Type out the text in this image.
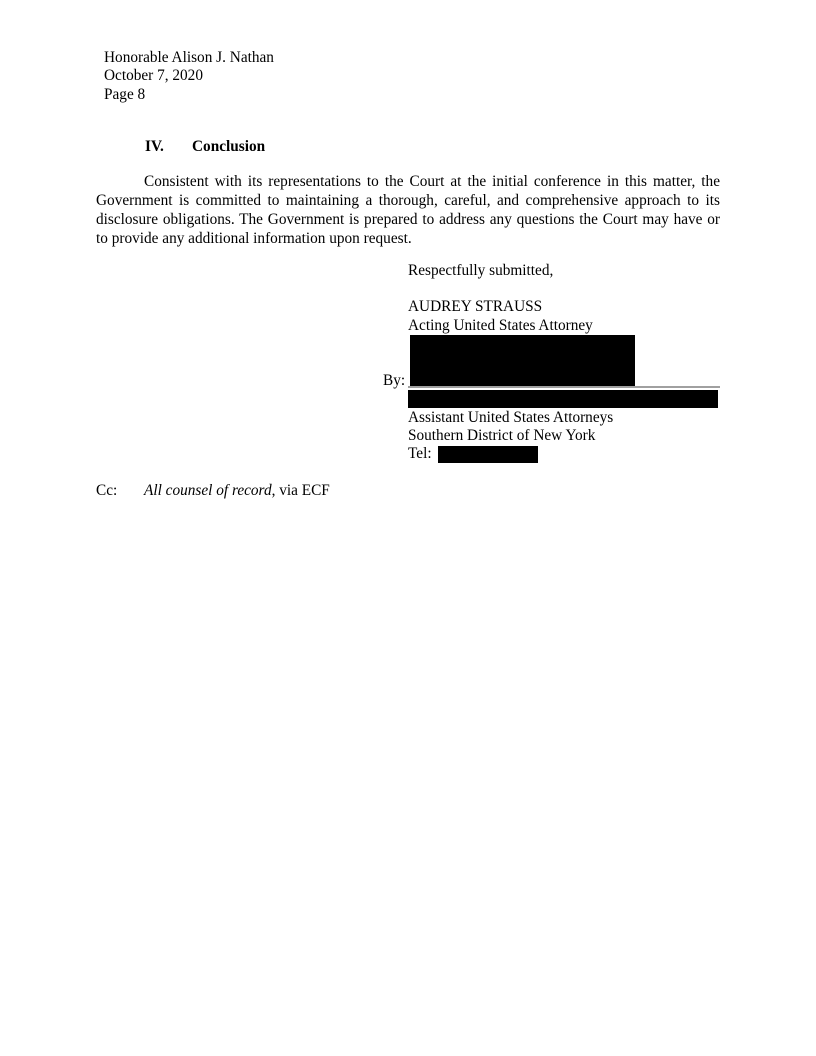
Honorable Alison J. Nathan
October 7, 2020
Page 8
IV. Conclusion
Consistent with its representations to the Court at the initial conference in this matter, the Government is committed to maintaining a thorough, careful, and comprehensive approach to its disclosure obligations. The Government is prepared to address any questions the Court may have or to provide any additional information upon request.
Respectfully submitted,
AUDREY STRAUSS
Acting United States Attorney
By:
Assistant United States Attorneys
Southern District of New York
Tel:
Cc: All counsel of record, via ECF
